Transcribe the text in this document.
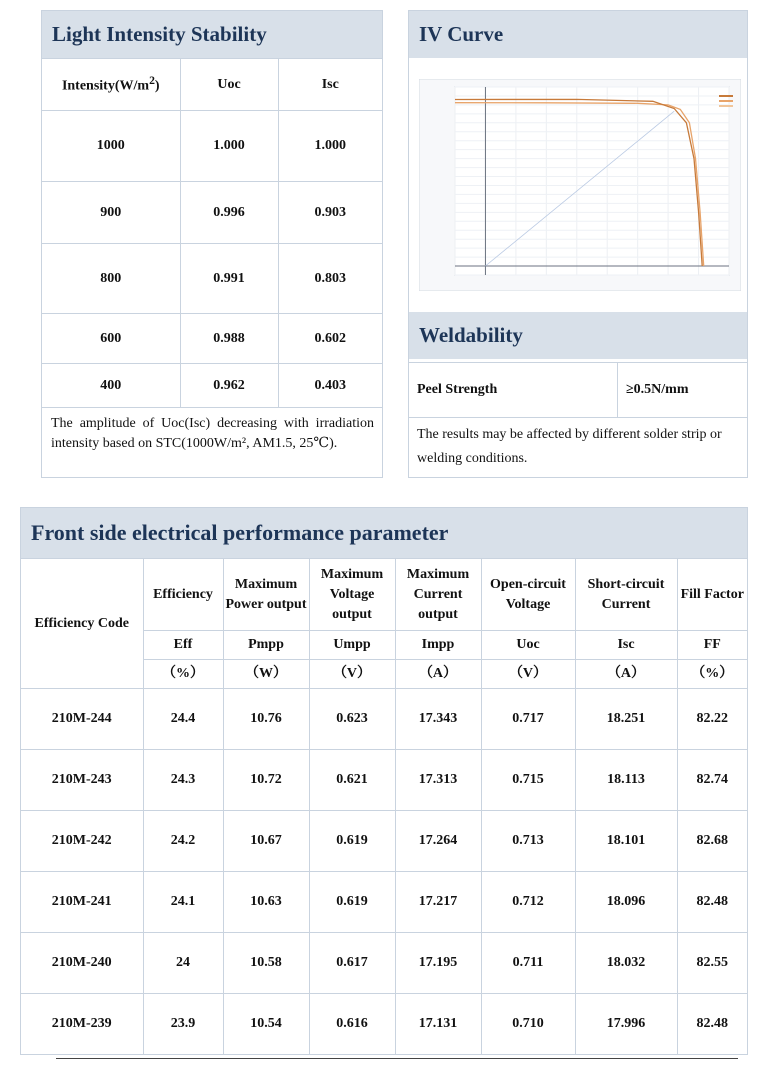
Light Intensity Stability
$Intensity(W/m^2)$	Uoc	Isc
1000	1.000	1.000
900	0.996	0.903
800	0.991	0.803
600	0.988	0.602
400	0.962	0.403
The amplitude of Uoc(Isc) decreasing with irradiation intensity based on STC(1000W/m², AM1.5, 25℃).
IV Curve
Weldability
Peel Strength	≥0.5N/mm
The results may be affected by different solder strip or welding conditions.
Front side electrical performance parameter
Efficiency Code	Efficiency	Maximum Power output	Maximum Voltage output	Maximum Current output	Open-circuit Voltage	Short-circuit Current	Fill Factor
	Eff	Pmpp	Umpp	Impp	Uoc	Isc	FF
	（%）	（W）	（V）	（A）	（V）	（A）	（%）
210M-244	24.4	10.76	0.623	17.343	0.717	18.251	82.22
210M-243	24.3	10.72	0.621	17.313	0.715	18.113	82.74
210M-242	24.2	10.67	0.619	17.264	0.713	18.101	82.68
210M-241	24.1	10.63	0.619	17.217	0.712	18.096	82.48
210M-240	24	10.58	0.617	17.195	0.711	18.032	82.55
210M-239	23.9	10.54	0.616	17.131	0.710	17.996	82.48
